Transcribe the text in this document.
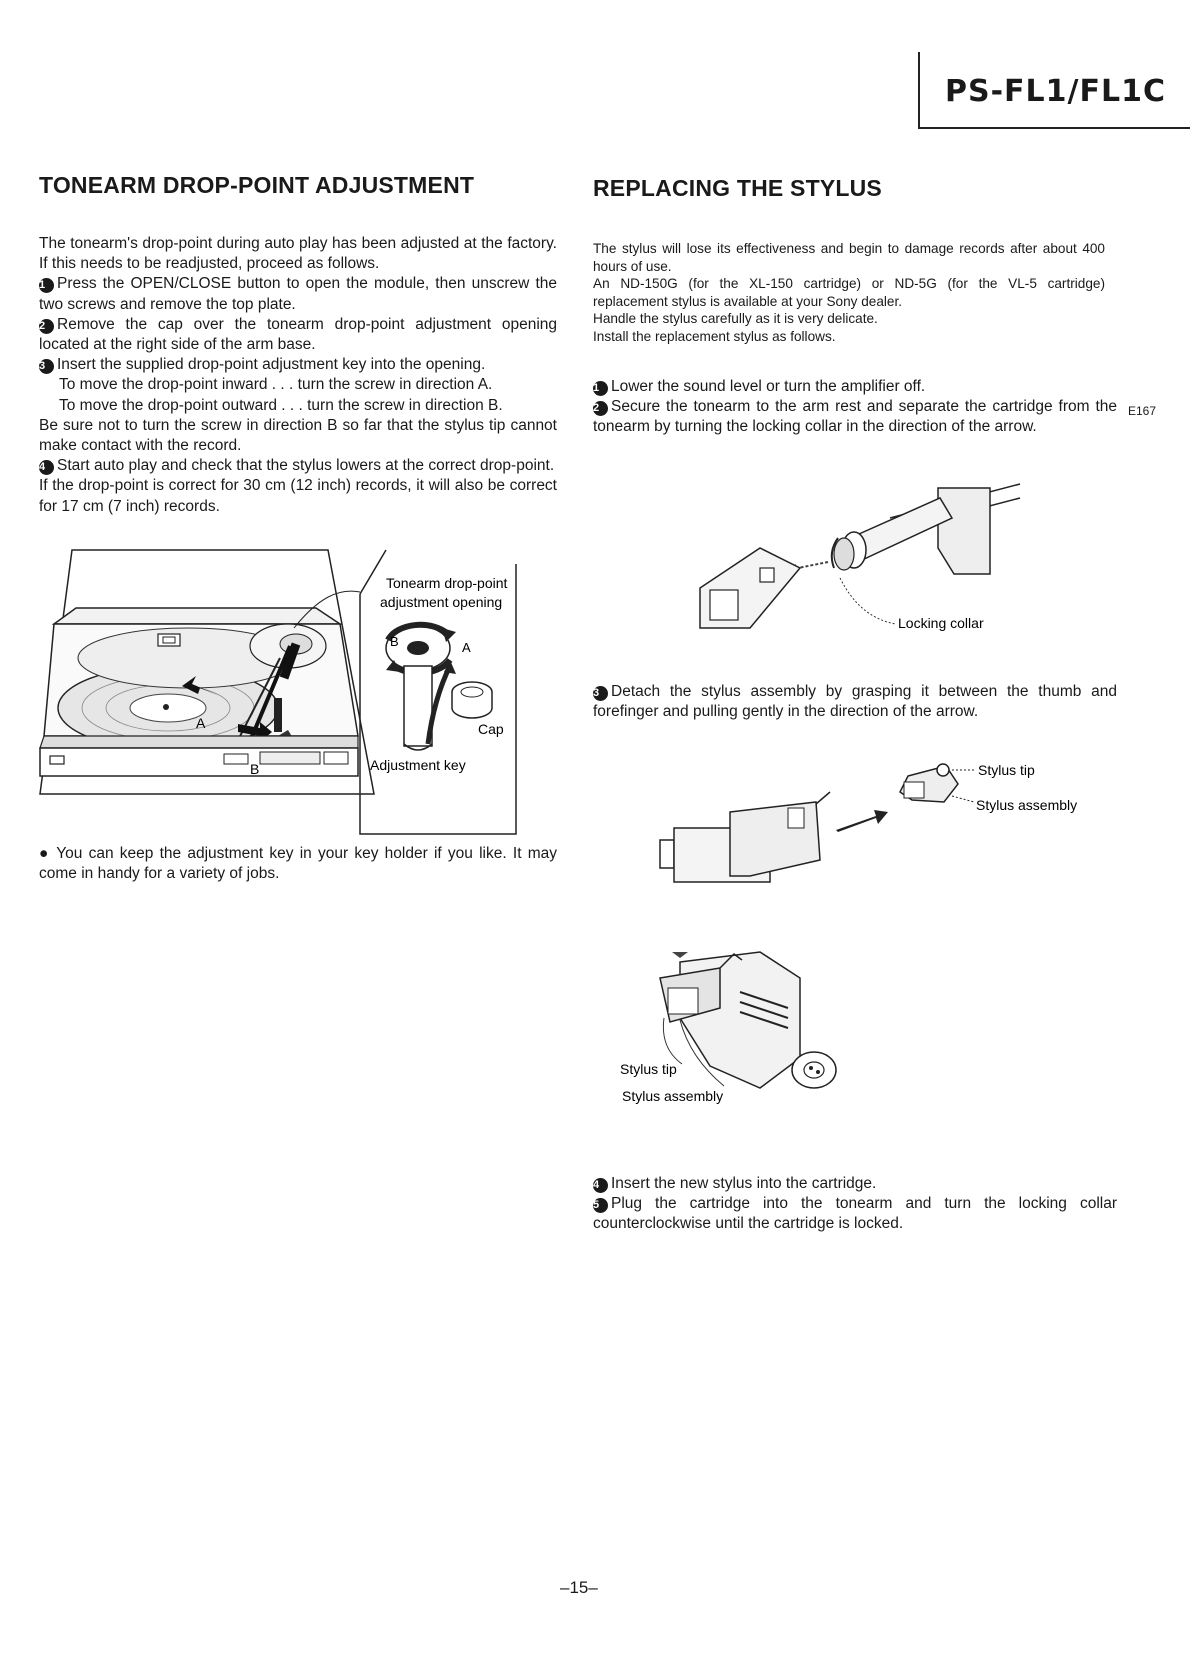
PS-FL1/FL1C
TONEARM DROP-POINT ADJUSTMENT

The tonearm's drop-point during auto play has been adjusted at the factory. If this needs to be readjusted, proceed as follows.

1 Press the OPEN/CLOSE button to open the module, then unscrew the two screws and remove the top plate.

2 Remove the cap over the tonearm drop-point adjustment opening located at the right side of the arm base.

3 Insert the supplied drop-point adjustment key into the opening.

To move the drop-point inward . . . turn the screw in direction A.

To move the drop-point outward . . . turn the screw in direction B.

Be sure not to turn the screw in direction B so far that the stylus tip cannot make contact with the record.

4 Start auto play and check that the stylus lowers at the correct drop-point.

If the drop-point is correct for 30 cm (12 inch) records, it will also be correct for 17 cm (7 inch) records.

A
B
Tonearm drop-point
adjustment opening
B	A
Cap
Adjustment key

● You can keep the adjustment key in your key holder if you like. It may come in handy for a variety of jobs.

REPLACING THE STYLUS

The stylus will lose its effectiveness and begin to damage records after about 400 hours of use.

An ND-150G (for the XL-150 cartridge) or ND-5G (for the VL-5 cartridge) replacement stylus is available at your Sony dealer.

Handle the stylus carefully as it is very delicate.

Install the replacement stylus as follows.

1 Lower the sound level or turn the amplifier off.

2 Secure the tonearm to the arm rest and separate the cartridge from the tonearm by turning the locking collar in the direction of the arrow.

E167
Locking collar

3 Detach the stylus assembly by grasping it between the thumb and forefinger and pulling gently in the direction of the arrow.

Stylus tip
Stylus assembly
Stylus tip
Stylus assembly

4 Insert the new stylus into the cartridge.

5 Plug the cartridge into the tonearm and turn the locking collar counterclockwise until the cartridge is locked.

–15–
